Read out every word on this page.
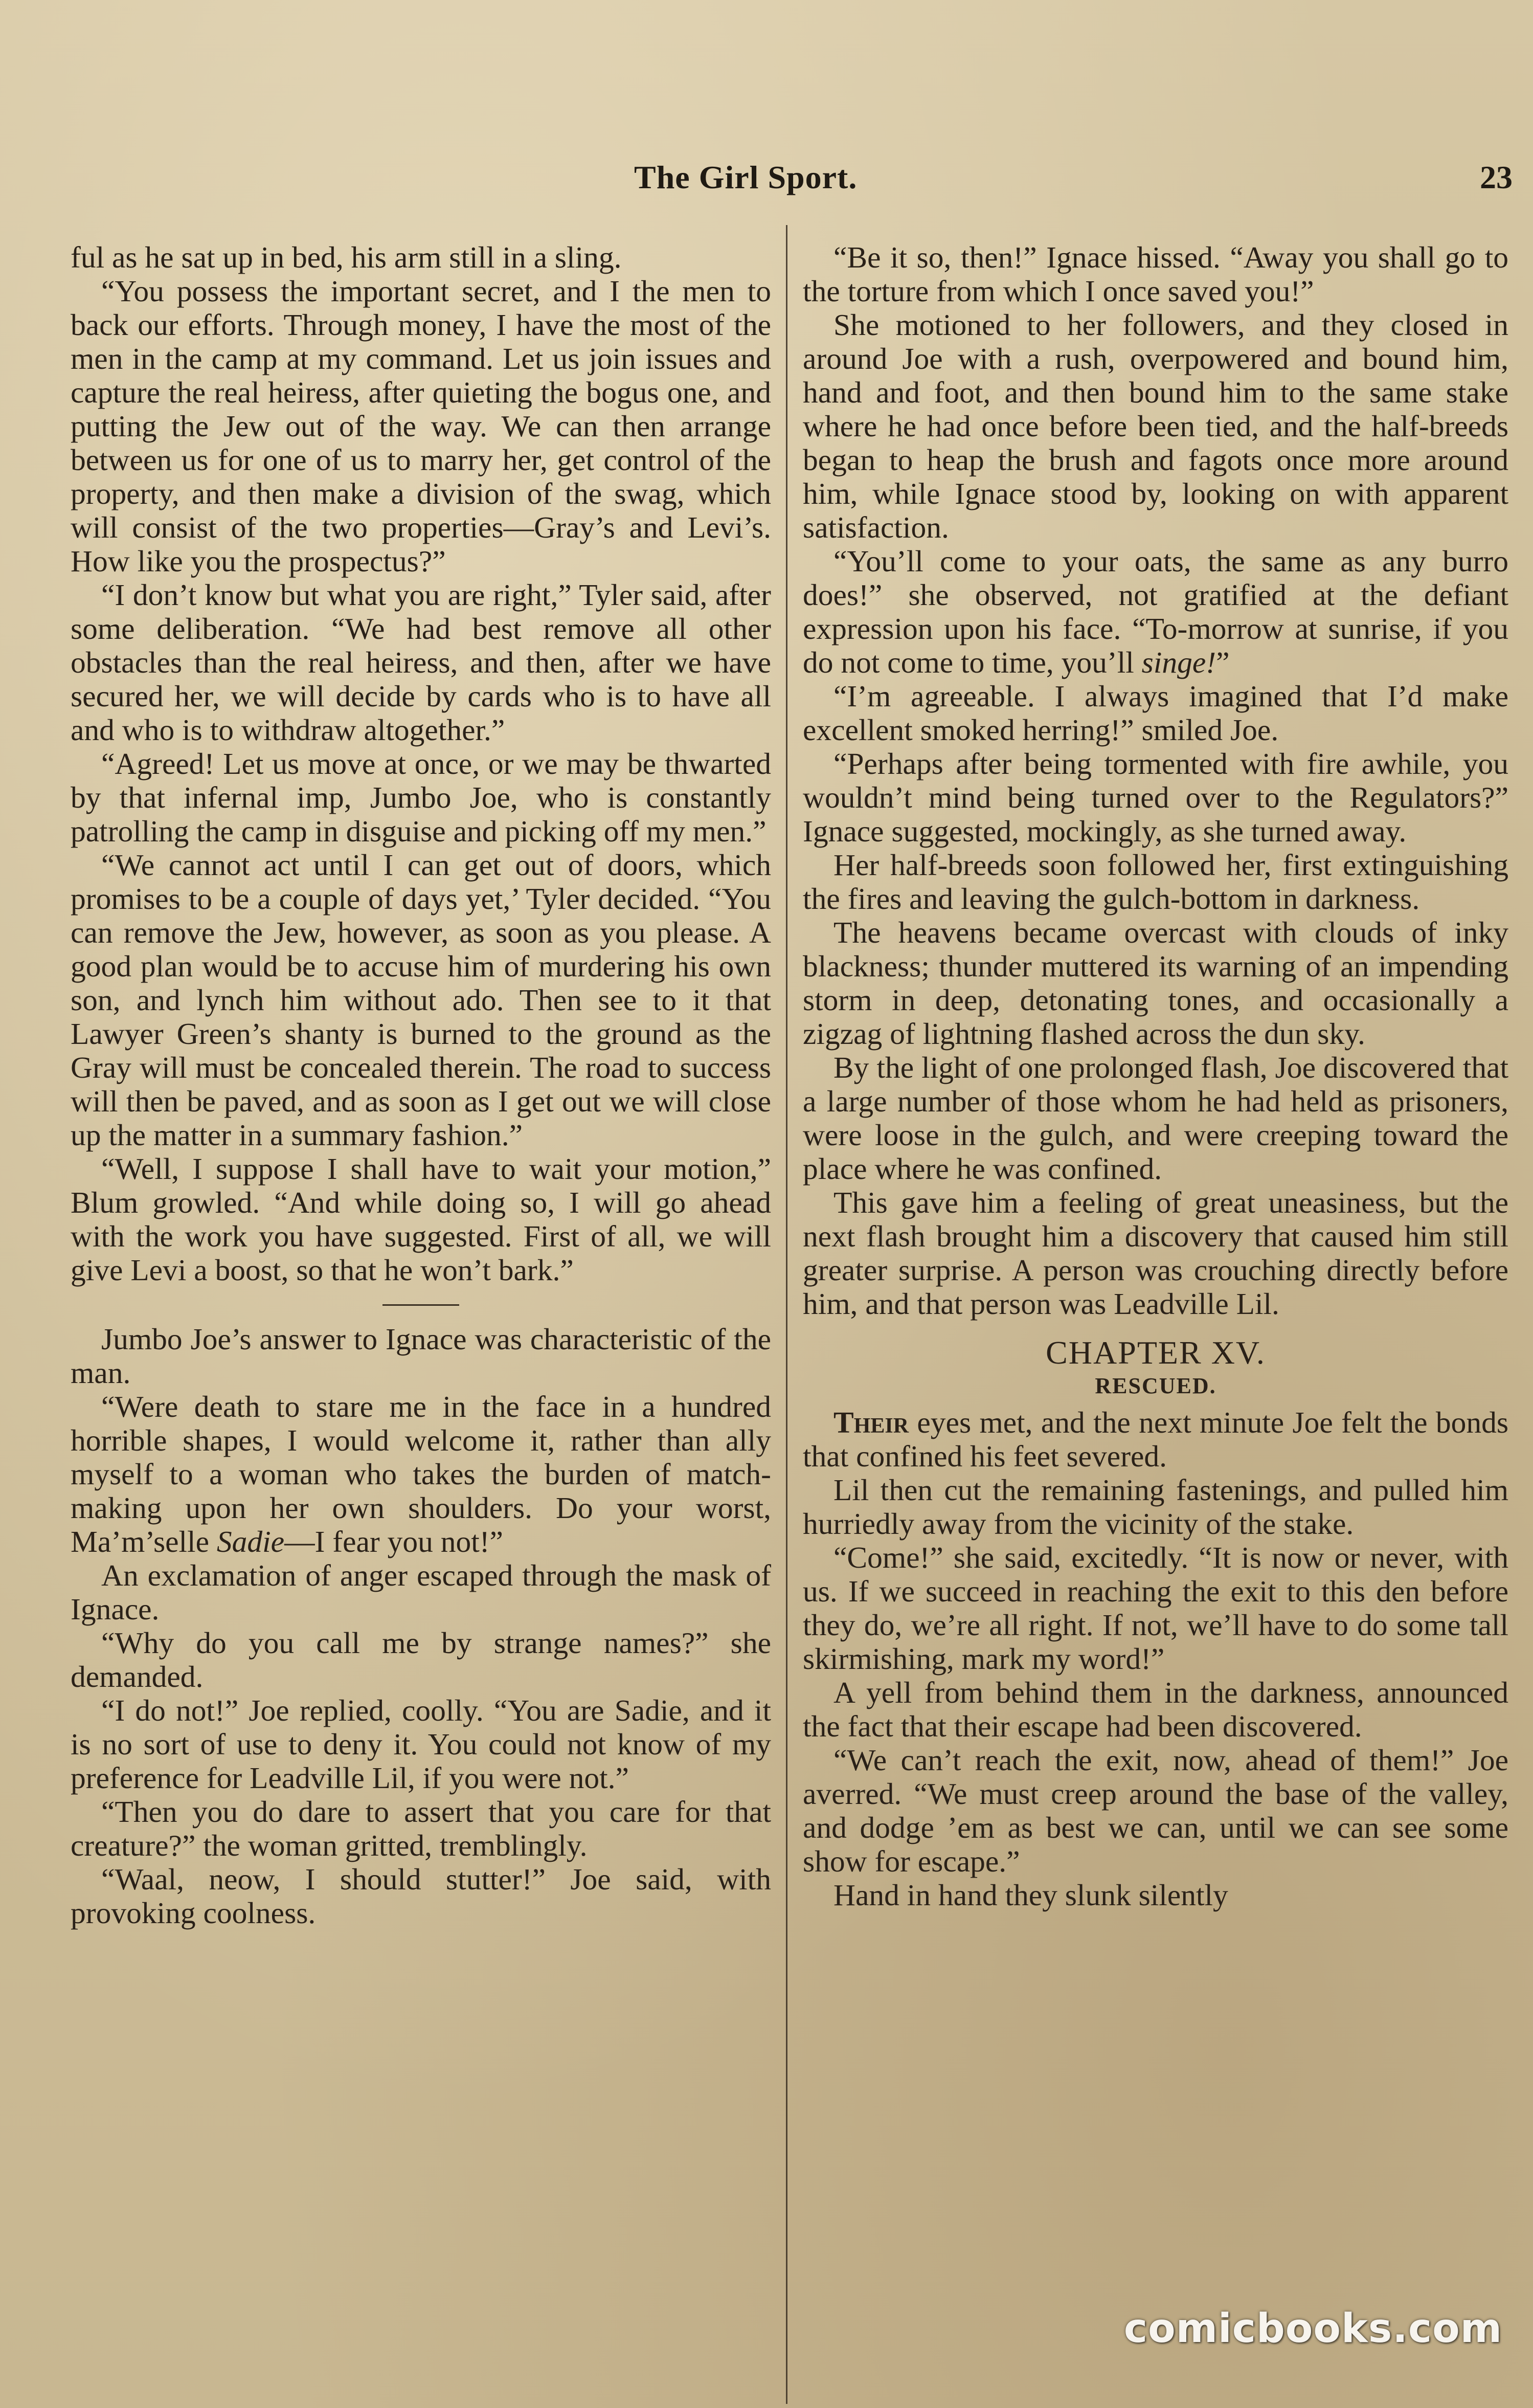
The Girl Sport.	23

ful as he sat up in bed, his arm still in a sling.

“You possess the important secret, and I the men to back our efforts. Through money, I have the most of the men in the camp at my command. Let us join issues and capture the real heiress, after quieting the bogus one, and putting the Jew out of the way. We can then arrange between us for one of us to marry her, get control of the property, and then make a division of the swag, which will consist of the two properties—Gray’s and Levi’s. How like you the prospectus?”

“I don’t know but what you are right,” Tyler said, after some deliberation. “We had best remove all other obstacles than the real heiress, and then, after we have secured her, we will decide by cards who is to have all and who is to withdraw altogether.”

“Agreed! Let us move at once, or we may be thwarted by that infernal imp, Jumbo Joe, who is constantly patrolling the camp in disguise and picking off my men.”

“We cannot act until I can get out of doors, which promises to be a couple of days yet,’ Tyler decided. “You can remove the Jew, however, as soon as you please. A good plan would be to accuse him of murdering his own son, and lynch him without ado. Then see to it that Lawyer Green’s shanty is burned to the ground as the Gray will must be concealed therein. The road to success will then be paved, and as soon as I get out we will close up the matter in a summary fashion.”

“Well, I suppose I shall have to wait your motion,” Blum growled. “And while doing so, I will go ahead with the work you have suggested. First of all, we will give Levi a boost, so that he won’t bark.”

Jumbo Joe’s answer to Ignace was characteristic of the man.

“Were death to stare me in the face in a hundred horrible shapes, I would welcome it, rather than ally myself to a woman who takes the burden of match-making upon her own shoulders. Do your worst, Ma’m’selle Sadie—I fear you not!”

An exclamation of anger escaped through the mask of Ignace.

“Why do you call me by strange names?” she demanded.

“I do not!” Joe replied, coolly. “You are Sadie, and it is no sort of use to deny it. You could not know of my preference for Leadville Lil, if you were not.”

“Then you do dare to assert that you care for that creature?” the woman gritted, tremblingly.

“Waal, neow, I should stutter!” Joe said, with provoking coolness.

“Be it so, then!” Ignace hissed. “Away you shall go to the torture from which I once saved you!”

She motioned to her followers, and they closed in around Joe with a rush, overpowered and bound him, hand and foot, and then bound him to the same stake where he had once before been tied, and the half-breeds began to heap the brush and fagots once more around him, while Ignace stood by, looking on with apparent satisfaction.

“You’ll come to your oats, the same as any burro does!” she observed, not gratified at the defiant expression upon his face. “To-morrow at sunrise, if you do not come to time, you’ll singe!”

“I’m agreeable. I always imagined that I’d make excellent smoked herring!” smiled Joe.

“Perhaps after being tormented with fire awhile, you wouldn’t mind being turned over to the Regulators?” Ignace suggested, mockingly, as she turned away.

Her half-breeds soon followed her, first extinguishing the fires and leaving the gulch-bottom in darkness.

The heavens became overcast with clouds of inky blackness; thunder muttered its warning of an impending storm in deep, detonating tones, and occasionally a zigzag of lightning flashed across the dun sky.

By the light of one prolonged flash, Joe discovered that a large number of those whom he had held as prisoners, were loose in the gulch, and were creeping toward the place where he was confined.

This gave him a feeling of great uneasiness, but the next flash brought him a discovery that caused him still greater surprise. A person was crouching directly before him, and that person was Leadville Lil.

CHAPTER XV.
RESCUED.

Their eyes met, and the next minute Joe felt the bonds that confined his feet severed.

Lil then cut the remaining fastenings, and pulled him hurriedly away from the vicinity of the stake.

“Come!” she said, excitedly. “It is now or never, with us. If we succeed in reaching the exit to this den before they do, we’re all right. If not, we’ll have to do some tall skirmishing, mark my word!”

A yell from behind them in the darkness, announced the fact that their escape had been discovered.

“We can’t reach the exit, now, ahead of them!” Joe averred. “We must creep around the base of the valley, and dodge ’em as best we can, until we can see some show for escape.”

Hand in hand they slunk silently

comicbooks.com
